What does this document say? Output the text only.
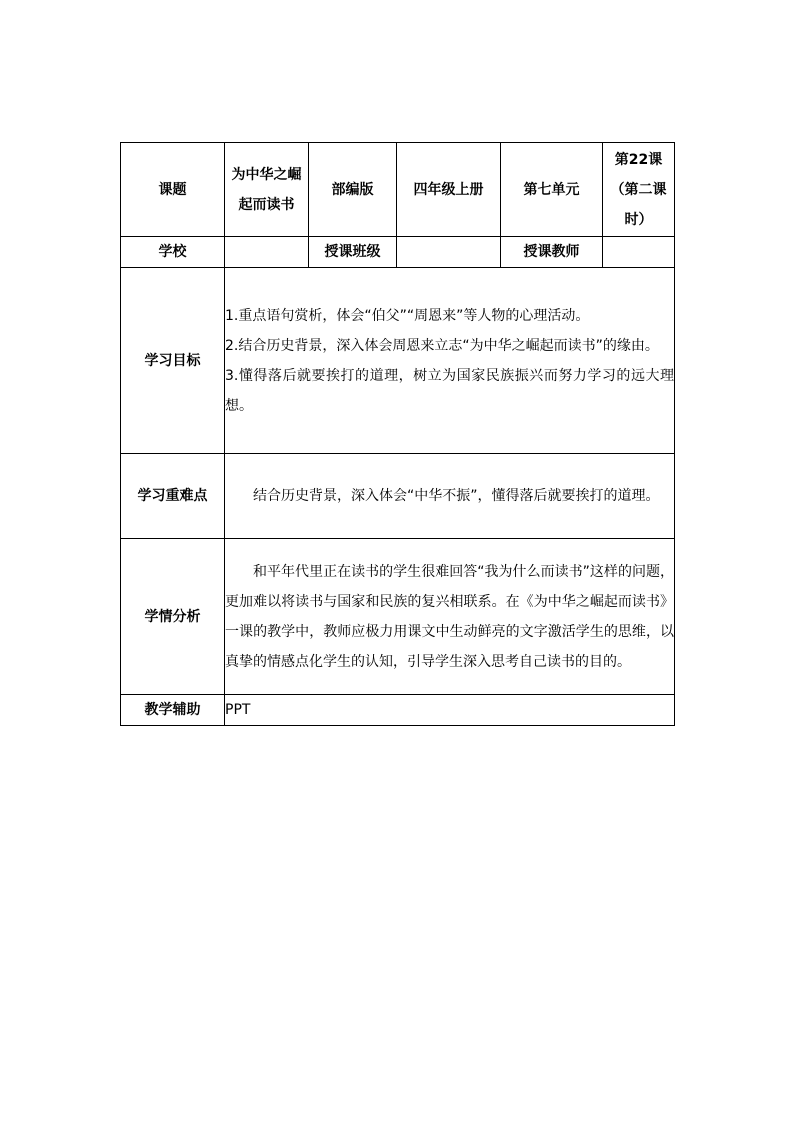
课题	为中华之崛起而读书	部编版	四年级上册	第七单元	第22课（第二课时）
学校		授课班级		授课教师	
学习目标	1.重点语句赏析，体会“伯父”“周恩来”等人物的心理活动。
2.结合历史背景，深入体会周恩来立志“为中华之崛起而读书”的缘由。
3.懂得落后就要挨打的道理，树立为国家民族振兴而努力学习的远大理想。				

学习重难点	结合历史背景，深入体会“中华不振”，懂得落后就要挨打的道理。				

学情分析	和平年代里正在读书的学生很难回答“我为什么而读书”这样的问题，更加难以将读书与国家和民族的复兴相联系。在《为中华之崛起而读书》一课的教学中，教师应极力用课文中生动鲜亮的文字激活学生的思维，以真挚的情感点化学生的认知，引导学生深入思考自己读书的目的。				

教学辅助	PPT				
